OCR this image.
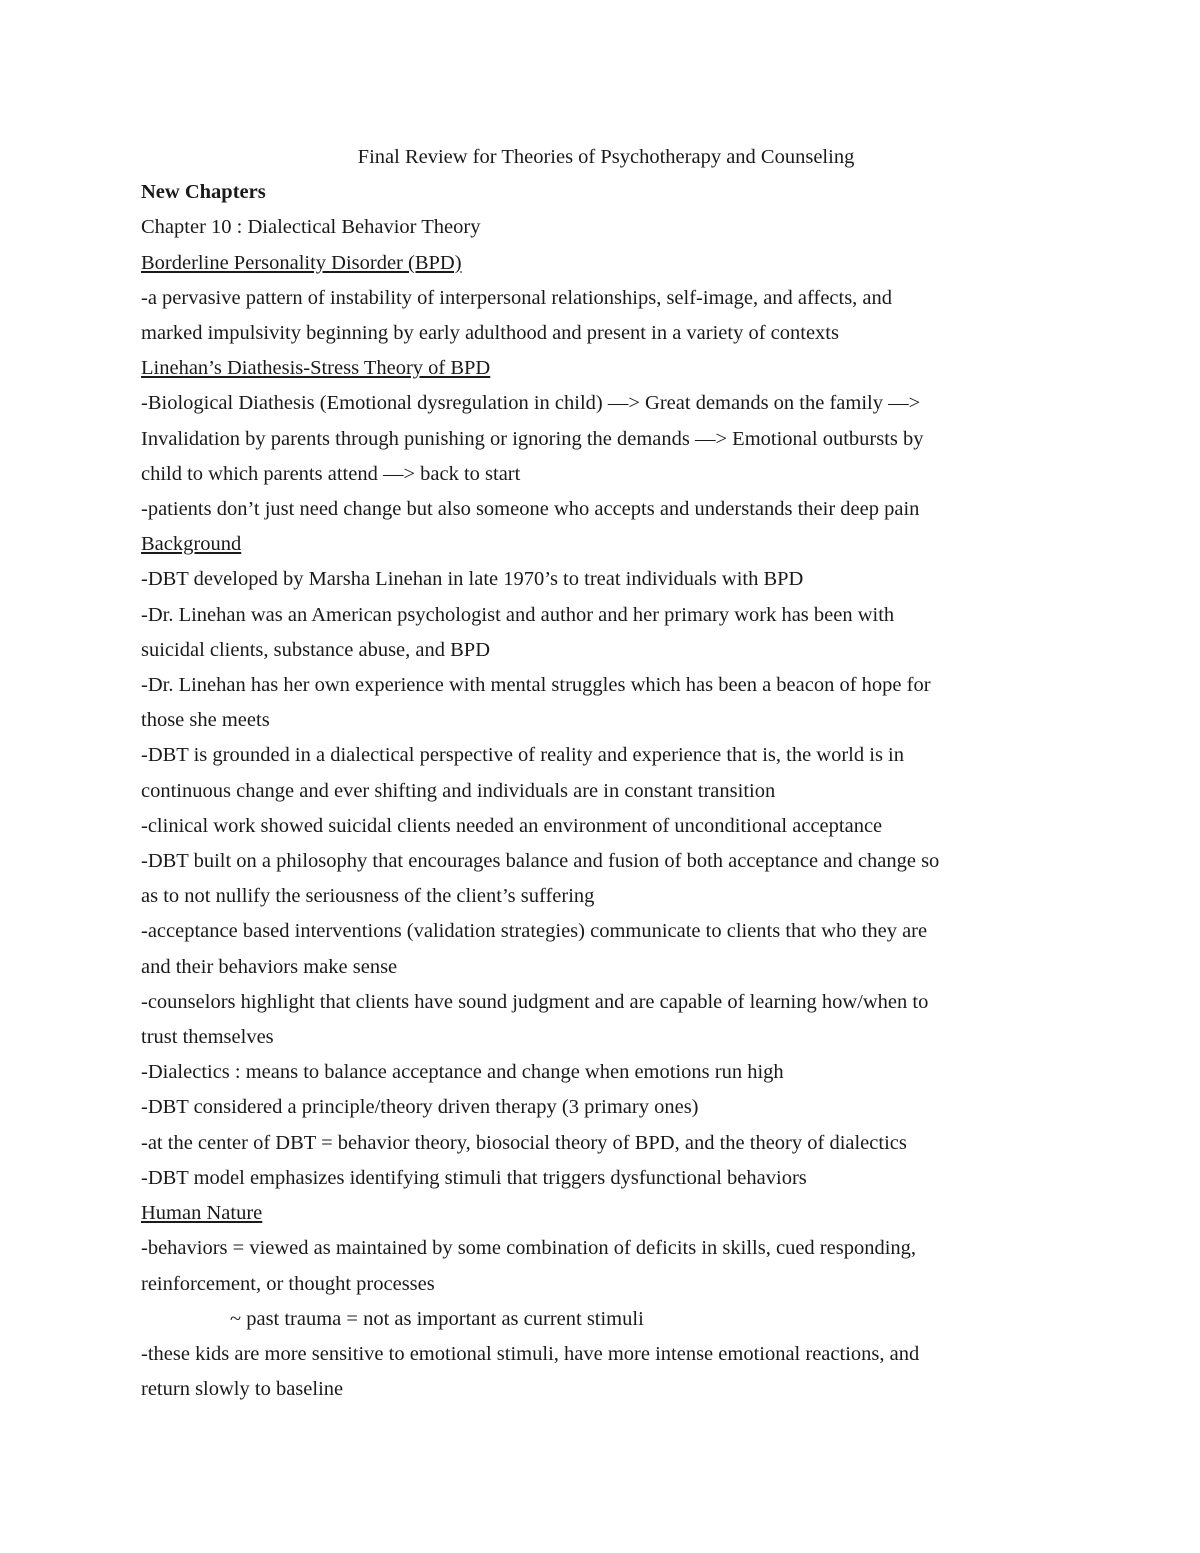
Final Review for Theories of Psychotherapy and Counseling
New Chapters
Chapter 10 : Dialectical Behavior Theory
Borderline Personality Disorder (BPD)
-a pervasive pattern of instability of interpersonal relationships, self-image, and affects, and
marked impulsivity beginning by early adulthood and present in a variety of contexts
Linehan’s Diathesis-Stress Theory of BPD
-Biological Diathesis (Emotional dysregulation in child) —> Great demands on the family —>
Invalidation by parents through punishing or ignoring the demands —> Emotional outbursts by
child to which parents attend —> back to start
-patients don’t just need change but also someone who accepts and understands their deep pain
Background
-DBT developed by Marsha Linehan in late 1970’s to treat individuals with BPD
-Dr. Linehan was an American psychologist and author and her primary work has been with
suicidal clients, substance abuse, and BPD
-Dr. Linehan has her own experience with mental struggles which has been a beacon of hope for
those she meets
-DBT is grounded in a dialectical perspective of reality and experience that is, the world is in
continuous change and ever shifting and individuals are in constant transition
-clinical work showed suicidal clients needed an environment of unconditional acceptance
-DBT built on a philosophy that encourages balance and fusion of both acceptance and change so
as to not nullify the seriousness of the client’s suffering
-acceptance based interventions (validation strategies) communicate to clients that who they are
and their behaviors make sense
-counselors highlight that clients have sound judgment and are capable of learning how/when to
trust themselves
-Dialectics : means to balance acceptance and change when emotions run high
-DBT considered a principle/theory driven therapy (3 primary ones)
-at the center of DBT = behavior theory, biosocial theory of BPD, and the theory of dialectics
-DBT model emphasizes identifying stimuli that triggers dysfunctional behaviors
Human Nature
-behaviors = viewed as maintained by some combination of deficits in skills, cued responding,
reinforcement, or thought processes
~ past trauma = not as important as current stimuli
-these kids are more sensitive to emotional stimuli, have more intense emotional reactions, and
return slowly to baseline
